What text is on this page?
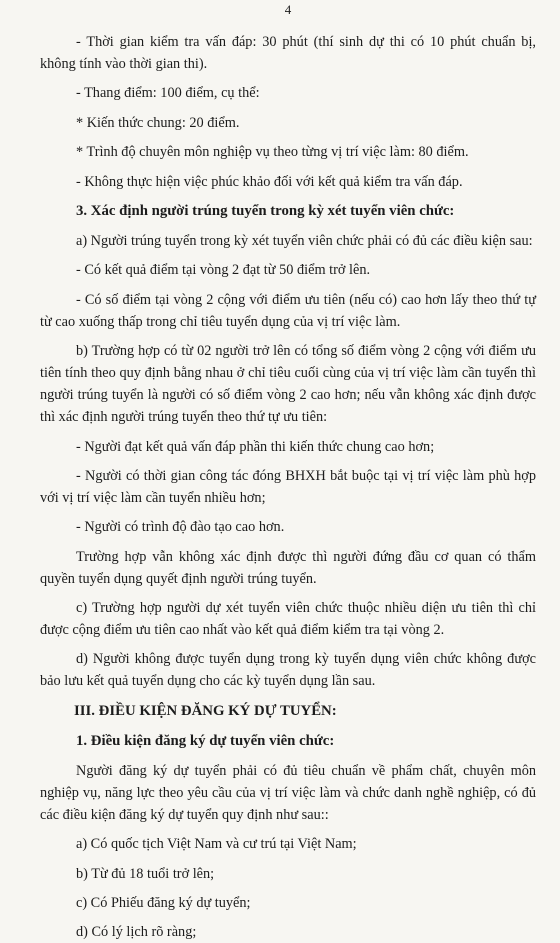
4

- Thời gian kiểm tra vấn đáp: 30 phút (thí sinh dự thi có 10 phút chuẩn bị, không tính vào thời gian thi).

- Thang điểm: 100 điểm, cụ thể:

* Kiến thức chung: 20 điểm.

* Trình độ chuyên môn nghiệp vụ theo từng vị trí việc làm: 80 điểm.

- Không thực hiện việc phúc khảo đối với kết quả kiểm tra vấn đáp.

3. Xác định người trúng tuyển trong kỳ xét tuyển viên chức:

a) Người trúng tuyển trong kỳ xét tuyển viên chức phải có đủ các điều kiện sau:

- Có kết quả điểm tại vòng 2 đạt từ 50 điểm trở lên.

- Có số điểm tại vòng 2 cộng với điểm ưu tiên (nếu có) cao hơn lấy theo thứ tự từ cao xuống thấp trong chỉ tiêu tuyển dụng của vị trí việc làm.

b) Trường hợp có từ 02 người trở lên có tổng số điểm vòng 2 cộng với điểm ưu tiên tính theo quy định bằng nhau ở chỉ tiêu cuối cùng của vị trí việc làm cần tuyển thì người trúng tuyển là người có số điểm vòng 2 cao hơn; nếu vẫn không xác định được thì xác định người trúng tuyển theo thứ tự ưu tiên:

- Người đạt kết quả vấn đáp phần thi kiến thức chung cao hơn;

- Người có thời gian công tác đóng BHXH bắt buộc tại vị trí việc làm phù hợp với vị trí việc làm cần tuyển nhiều hơn;

- Người có trình độ đào tạo cao hơn.

Trường hợp vẫn không xác định được thì người đứng đầu cơ quan có thẩm quyền tuyển dụng quyết định người trúng tuyển.

c) Trường hợp người dự xét tuyển viên chức thuộc nhiều diện ưu tiên thì chỉ được cộng điểm ưu tiên cao nhất vào kết quả điểm kiểm tra tại vòng 2.

d) Người không được tuyển dụng trong kỳ tuyển dụng viên chức không được bảo lưu kết quả tuyển dụng cho các kỳ tuyển dụng lần sau.

III. ĐIỀU KIỆN ĐĂNG KÝ DỰ TUYỂN:

1. Điều kiện đăng ký dự tuyển viên chức:

Người đăng ký dự tuyển phải có đủ tiêu chuẩn về phẩm chất, chuyên môn nghiệp vụ, năng lực theo yêu cầu của vị trí việc làm và chức danh nghề nghiệp, có đủ các điều kiện đăng ký dự tuyển quy định như sau::

a) Có quốc tịch Việt Nam và cư trú tại Việt Nam;

b) Từ đủ 18 tuổi trở lên;

c) Có Phiếu đăng ký dự tuyển;

d) Có lý lịch rõ ràng;
